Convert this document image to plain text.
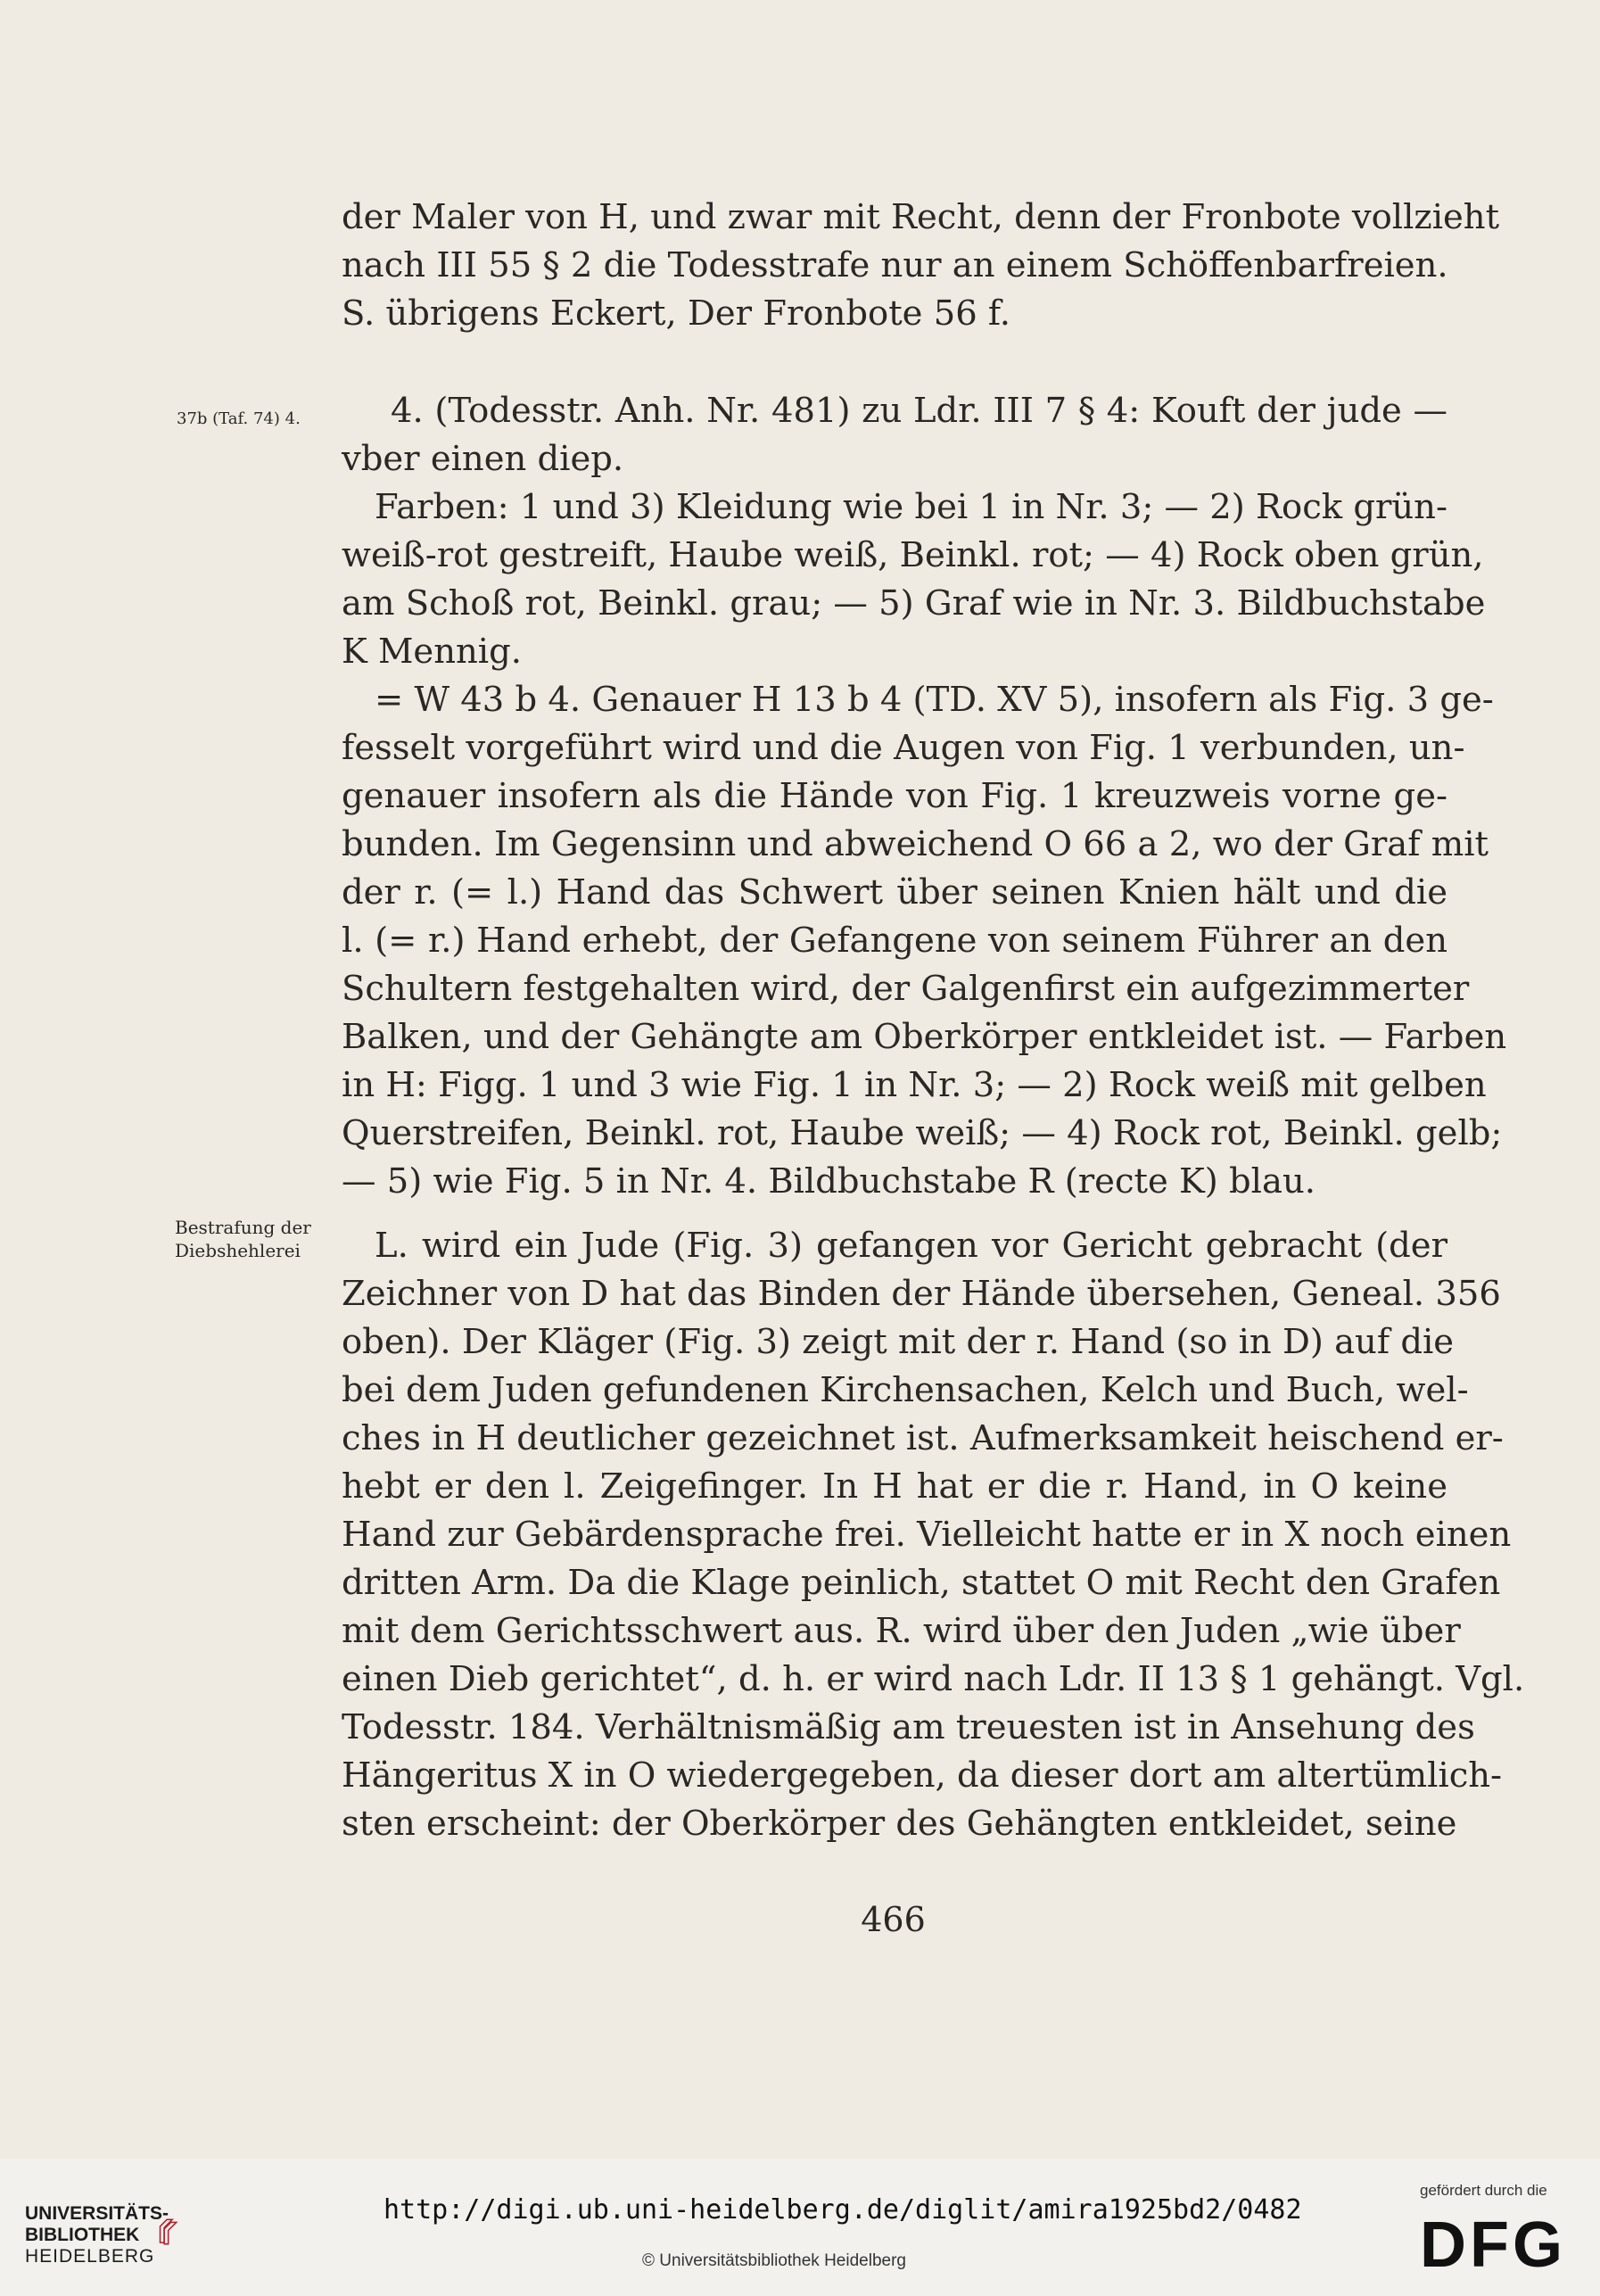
37b (Taf. 74) 4.
Bestrafung der
Diebshehlerei
der Maler von H, und zwar mit Recht, denn der Fronbote vollzieht
nach III 55 § 2 die Todesstrafe nur an einem Schöffenbarfreien.
S. übrigens Eckert, Der Fronbote 56 f.
4. (Todesstr. Anh. Nr. 481) zu Ldr. III 7 § 4: Kouft der jude —
vber einen diep.
Farben: 1 und 3) Kleidung wie bei 1 in Nr. 3; — 2) Rock grün-
weiß-rot gestreift, Haube weiß, Beinkl. rot; — 4) Rock oben grün,
am Schoß rot, Beinkl. grau; — 5) Graf wie in Nr. 3. Bildbuchstabe
K Mennig.
= W 43 b 4. Genauer H 13 b 4 (TD. XV 5), insofern als Fig. 3 ge-
fesselt vorgeführt wird und die Augen von Fig. 1 verbunden, un-
genauer insofern als die Hände von Fig. 1 kreuzweis vorne ge-
bunden. Im Gegensinn und abweichend O 66 a 2, wo der Graf mit
der r. (= l.) Hand das Schwert über seinen Knien hält und die
l. (= r.) Hand erhebt, der Gefangene von seinem Führer an den
Schultern festgehalten wird, der Galgenfirst ein aufgezimmerter
Balken, und der Gehängte am Oberkörper entkleidet ist. — Farben
in H: Figg. 1 und 3 wie Fig. 1 in Nr. 3; — 2) Rock weiß mit gelben
Querstreifen, Beinkl. rot, Haube weiß; — 4) Rock rot, Beinkl. gelb;
— 5) wie Fig. 5 in Nr. 4. Bildbuchstabe R (recte K) blau.
L. wird ein Jude (Fig. 3) gefangen vor Gericht gebracht (der
Zeichner von D hat das Binden der Hände übersehen, Geneal. 356
oben). Der Kläger (Fig. 3) zeigt mit der r. Hand (so in D) auf die
bei dem Juden gefundenen Kirchensachen, Kelch und Buch, wel-
ches in H deutlicher gezeichnet ist. Aufmerksamkeit heischend er-
hebt er den l. Zeigefinger. In H hat er die r. Hand, in O keine
Hand zur Gebärdensprache frei. Vielleicht hatte er in X noch einen
dritten Arm. Da die Klage peinlich, stattet O mit Recht den Grafen
mit dem Gerichtsschwert aus. R. wird über den Juden „wie über
einen Dieb gerichtet“, d. h. er wird nach Ldr. II 13 § 1 gehängt. Vgl.
Todesstr. 184. Verhältnismäßig am treuesten ist in Ansehung des
Hängeritus X in O wiedergegeben, da dieser dort am altertümlich-
sten erscheint: der Oberkörper des Gehängten entkleidet, seine
466
UNIVERSITÄTS-
BIBLIOTHEK
HEIDELBERG
http://digi.ub.uni-heidelberg.de/diglit/amira1925bd2/0482
© Universitätsbibliothek Heidelberg
gefördert durch die
DFG
